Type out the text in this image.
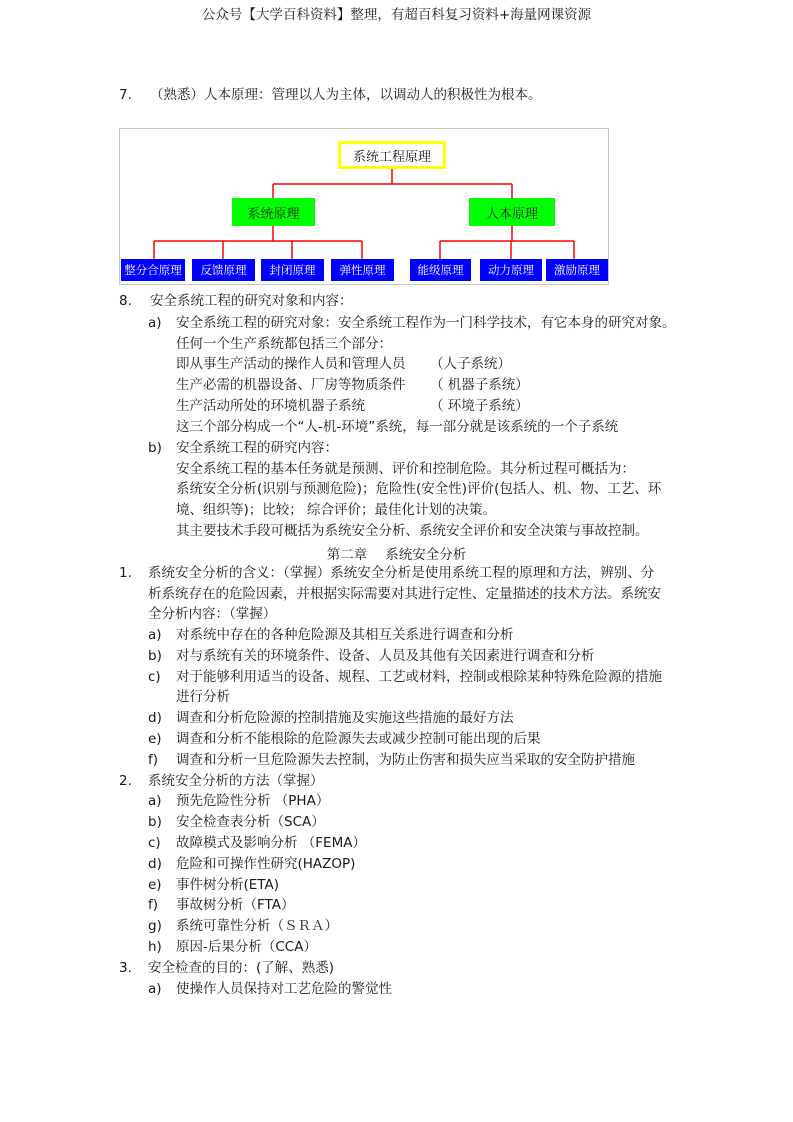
公众号【大学百科资料】整理，有超百科复习资料+海量网课资源
7. （熟悉）人本原理：管理以人为主体，以调动人的积极性为根本。
系统工程原理
系统原理	人本原理
整分合原理	反馈原理	封闭原理	弹性原理	能级原理	动力原理	激励原理
8. 安全系统工程的研究对象和内容：
a) 安全系统工程的研究对象：安全系统工程作为一门科学技术，有它本身的研究对象。
任何一个生产系统都包括三个部分：
即从事生产活动的操作人员和管理人员 （人子系统）
生产必需的机器设备、厂房等物质条件 （ 机器子系统）
生产活动所处的环境机器子系统	（ 环境子系统）
这三个部分构成一个“人-机-环境”系统，每一部分就是该系统的一个子系统
b) 安全系统工程的研究内容：
安全系统工程的基本任务就是预测、评价和控制危险。其分析过程可概括为：
系统安全分析(识别与预测危险)；危险性(安全性)评价(包括人、机、物、工艺、环
境、组织等)；比较； 综合评价；最佳化计划的决策。
其主要技术手段可概括为系统安全分析、系统安全评价和安全决策与事故控制。
第二章 系统安全分析
1. 系统安全分析的含义：（掌握）系统安全分析是使用系统工程的原理和方法，辨别、分
析系统存在的危险因素，并根据实际需要对其进行定性、定量描述的技术方法。系统安
全分析内容：（掌握）
a) 对系统中存在的各种危险源及其相互关系进行调查和分析
b) 对与系统有关的环境条件、设备、人员及其他有关因素进行调查和分析
c) 对于能够利用适当的设备、规程、工艺或材料，控制或根除某种特殊危险源的措施
进行分析
d) 调查和分析危险源的控制措施及实施这些措施的最好方法
e) 调查和分析不能根除的危险源失去或减少控制可能出现的后果
f) 调查和分析一旦危险源失去控制，为防止伤害和损失应当采取的安全防护措施
2. 系统安全分析的方法（掌握）
a) 预先危险性分析 （PHA）
b) 安全检查表分析（SCA）
c) 故障模式及影响分析 （FEMA）
d) 危险和可操作性研究(HAZOP)
e) 事件树分析(ETA)
f) 事故树分析（FTA）
g) 系统可靠性分析（ＳＲＡ）
h) 原因-后果分析（CCA）
3. 安全检查的目的：(了解、熟悉)
a) 使操作人员保持对工艺危险的警觉性
